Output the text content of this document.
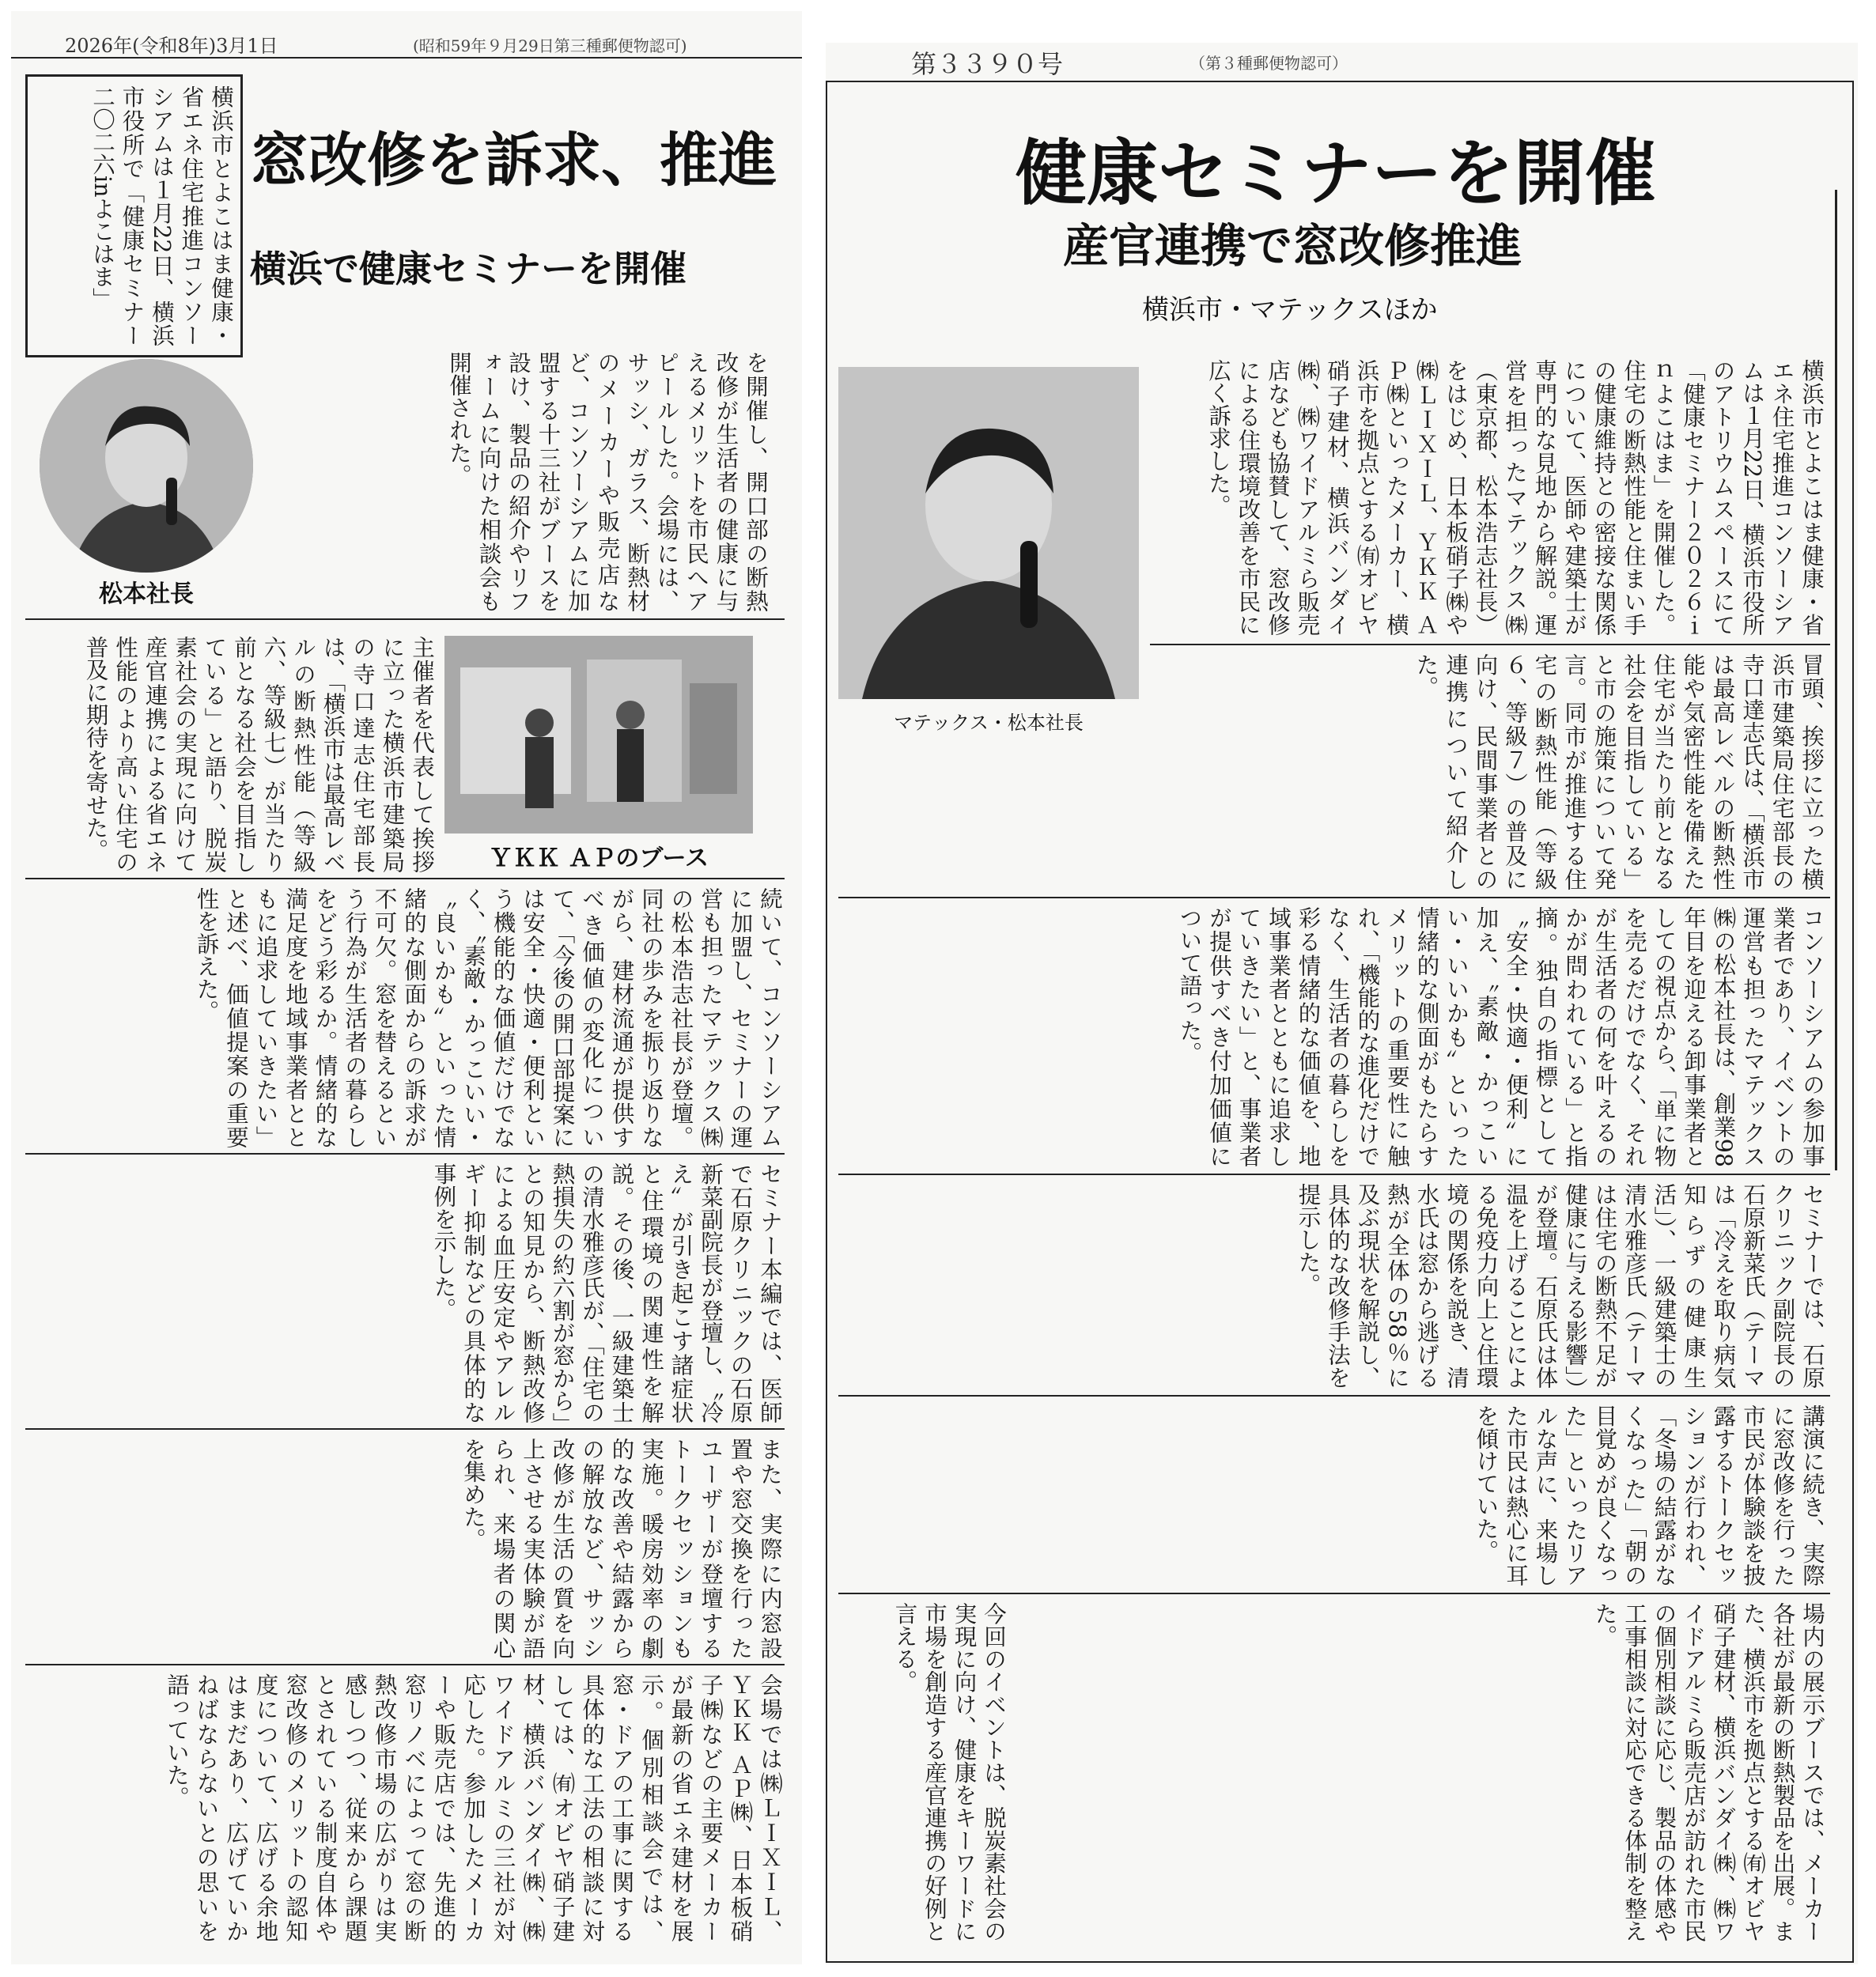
2026年(令和8年)3月1日	(昭和59年９月29日第三種郵便物認可)
横浜市とよこはま健康・省エネ住宅推進コンソーシアムは１月22日、横浜市役所で「健康セミナー二〇二六inよこはま」	窓改修を訴求、推進
横浜で健康セミナーを開催
松本社長	を開催し、開口部の断熱改修が生活者の健康に与えるメリットを市民へアピールした。会場には、サッシ、ガラス、断熱材のメーカーや販売店など、コンソーシアムに加盟する十三社がブースを設け、製品の紹介やリフォームに向けた相談会も開催された。
ＹＫＫ ＡＰのブース
主催者を代表して挨拶に立った横浜市建築局の寺口達志住宅部長は、「横浜市は最高レベルの断熱性能（等級六、等級七）が当たり前となる社会を目指している」と語り、脱炭素社会の実現に向けて産官連携による省エネ性能のより高い住宅の普及に期待を寄せた。
続いて、コンソーシアムに加盟し、セミナーの運営も担ったマテックス㈱の松本浩志社長が登壇。同社の歩みを振り返りながら、建材流通が提供すべき価値の変化について、「今後の開口部提案には安全・快適・便利という機能的な価値だけでなく、〝素敵・かっこいい・〝良いかも〟といった情緒的な側面からの訴求が不可欠。窓を替えるという行為が生活者の暮らしをどう彩るか。情緒的な満足度を地域事業者とともに追求していきたい」と述べ、価値提案の重要性を訴えた。
セミナー本編では、医師で石原クリニックの石原新菜副院長が登壇し、〝冷え〟が引き起こす諸症状と住環境の関連性を解説。その後、一級建築士の清水雅彦氏が、「住宅の熱損失の約六割が窓から」との知見から、断熱改修による血圧安定やアレルギー抑制などの具体的な事例を示した。
また、実際に内窓設置や窓交換を行ったユーザーが登壇するトークセッションも実施。暖房効率の劇的な改善や結露からの解放など、サッシ改修が生活の質を向上させる実体験が語られ、来場者の関心を集めた。
会場では㈱ＬＩＸＩＬ、ＹＫＫ ＡＰ㈱、日本板硝子㈱などの主要メーカーが最新の省エネ建材を展示。個別相談会では、窓・ドアの工事に関する具体的な工法の相談に対しては、㈲オビヤ硝子建材、横浜バンダイ㈱、㈱ワイドアルミの三社が対応した。参加したメーカーや販売店では、先進的窓リノベによって窓の断熱改修市場の広がりは実感しつつ、従来から課題とされている制度自体や窓改修のメリットの認知度について、広げる余地はまだあり、広げていかねばならないとの思いを語っていた。
第３３９０号	（第３種郵便物認可）
健康セミナーを開催
産官連携で窓改修推進
横浜市・マテックスほか
マテックス・松本社長
横浜市とよこはま健康・省エネ住宅推進コンソーシアムは１月22日、横浜市役所のアトリウムスペースにて「健康セミナー２０２６ｉｎよこはま」を開催した。住宅の断熱性能と住まい手の健康維持との密接な関係について、医師や建築士が専門的な見地から解説。運営を担ったマテックス㈱（東京都、松本浩志社長）をはじめ、日本板硝子㈱や㈱ＬＩＸＩＬ、ＹＫＫ ＡＰ㈱といったメーカー、横浜市を拠点とする㈲オビヤ硝子建材、横浜バンダイ㈱、㈱ワイドアルミら販売店なども協賛して、窓改修による住環境改善を市民に広く訴求した。
冒頭、挨拶に立った横浜市建築局住宅部長の寺口達志氏は、「横浜市は最高レベルの断熱性能や気密性能を備えた住宅が当たり前となる社会を目指している」と市の施策について発言。同市が推進する住宅の断熱性能（等級６、等級７）の普及に向け、民間事業者との連携について紹介した。
コンソーシアムの参加事業者であり、イベントの運営も担ったマテックス㈱の松本社長は、創業98年目を迎える卸事業者としての視点から、「単に物を売るだけでなく、それが生活者の何を叶えるのかが問われている」と指摘。独自の指標として〝安全・快適・便利〟に加え、〝素敵・かっこいい・いいかも〟といった情緒的な側面がもたらすメリットの重要性に触れ、「機能的な進化だけでなく、生活者の暮らしを彩る情緒的な価値を、地域事業者とともに追求していきたい」と、事業者が提供すべき付加価値について語った。
セミナーでは、石原クリニック副院長の石原新菜氏（テーマは「冷えを取り病気知らずの健康生活」）、一級建築士の清水雅彦氏（テーマは住宅の断熱不足が健康に与える影響」）が登壇。石原氏は体温を上げることによる免疫力向上と住環境の関係を説き、清水氏は窓から逃げる熱が全体の58％に及ぶ現状を解説し、具体的な改修手法を提示した。
講演に続き、実際に窓改修を行った市民が体験談を披露するトークセッションが行われ、「冬場の結露がなくなった」「朝の目覚めが良くなった」といったリアルな声に、来場した市民は熱心に耳を傾けていた。
場内の展示ブースでは、メーカー各社が最新の断熱製品を出展。また、横浜市を拠点とする㈲オビヤ硝子建材、横浜バンダイ㈱、㈱ワイドアルミら販売店が訪れた市民の個別相談に応じ、製品の体感や工事相談に対応できる体制を整えた。
今回のイベントは、脱炭素社会の実現に向け、健康をキーワードに市場を創造する産官連携の好例と言える。
